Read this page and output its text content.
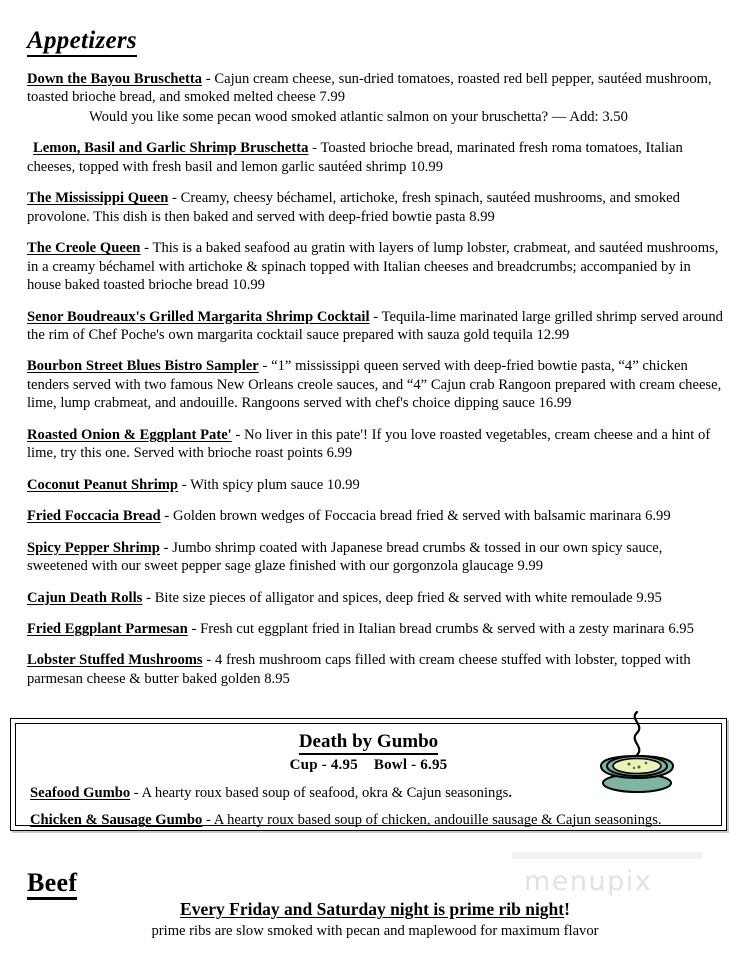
Appetizers
Down the Bayou Bruschetta - Cajun cream cheese, sun-dried tomatoes, roasted red bell pepper, sautéed mushroom, toasted brioche bread, and smoked melted cheese 7.99
Would you like some pecan wood smoked atlantic salmon on your bruschetta? — Add: 3.50
Lemon, Basil and Garlic Shrimp Bruschetta - Toasted brioche bread, marinated fresh roma tomatoes, Italian cheeses, topped with fresh basil and lemon garlic sautéed shrimp 10.99
The Mississippi Queen - Creamy, cheesy béchamel, artichoke, fresh spinach, sautéed mushrooms, and smoked provolone. This dish is then baked and served with deep-fried bowtie pasta 8.99
The Creole Queen - This is a baked seafood au gratin with layers of lump lobster, crabmeat, and sautéed mushrooms, in a creamy béchamel with artichoke & spinach topped with Italian cheeses and breadcrumbs; accompanied by in house baked toasted brioche bread 10.99
Senor Boudreaux's Grilled Margarita Shrimp Cocktail - Tequila-lime marinated large grilled shrimp served around the rim of Chef Poche's own margarita cocktail sauce prepared with sauza gold tequila 12.99
Bourbon Street Blues Bistro Sampler - “1” mississippi queen served with deep-fried bowtie pasta, “4” chicken tenders served with two famous New Orleans creole sauces, and “4” Cajun crab Rangoon prepared with cream cheese, lime, lump crabmeat, and andouille. Rangoons served with chef's choice dipping sauce 16.99
Roasted Onion & Eggplant Pate' - No liver in this pate'! If you love roasted vegetables, cream cheese and a hint of lime, try this one. Served with brioche roast points 6.99
Coconut Peanut Shrimp - With spicy plum sauce 10.99
Fried Foccacia Bread - Golden brown wedges of Foccacia bread fried & served with balsamic marinara 6.99
Spicy Pepper Shrimp - Jumbo shrimp coated with Japanese bread crumbs & tossed in our own spicy sauce, sweetened with our sweet pepper sage glaze finished with our gorgonzola glaucage 9.99
Cajun Death Rolls - Bite size pieces of alligator and spices, deep fried & served with white remoulade 9.95
Fried Eggplant Parmesan - Fresh cut eggplant fried in Italian bread crumbs & served with a zesty marinara 6.95
Lobster Stuffed Mushrooms - 4 fresh mushroom caps filled with cream cheese stuffed with lobster, topped with parmesan cheese & butter baked golden 8.95
Death by Gumbo
Cup - 4.95 Bowl - 6.95
Seafood Gumbo - A hearty roux based soup of seafood, okra & Cajun seasonings.
Chicken & Sausage Gumbo - A hearty roux based soup of chicken, andouille sausage & Cajun seasonings.
Beef	menupix
Every Friday and Saturday night is prime rib night!
prime ribs are slow smoked with pecan and maplewood for maximum flavor
